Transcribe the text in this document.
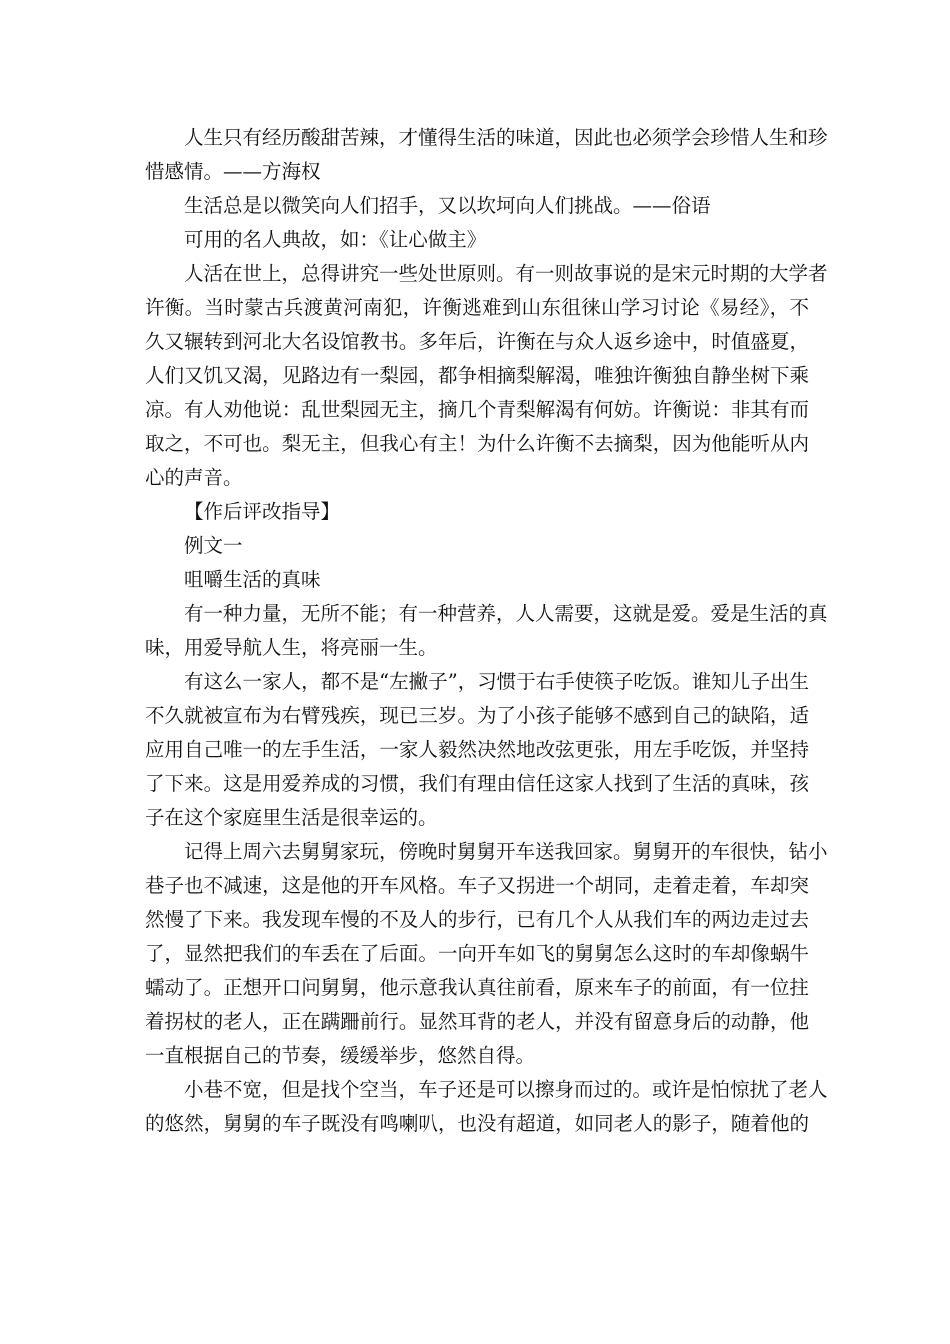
人生只有经历酸甜苦辣，才懂得生活的味道，因此也必须学会珍惜人生和珍
惜感情。——方海权
生活总是以微笑向人们招手，又以坎坷向人们挑战。——俗语
可用的名人典故，如：《让心做主》
人活在世上，总得讲究一些处世原则。有一则故事说的是宋元时期的大学者
许衡。当时蒙古兵渡黄河南犯，许衡逃难到山东徂徕山学习讨论《易经》，不
久又辗转到河北大名设馆教书。多年后，许衡在与众人返乡途中，时值盛夏，
人们又饥又渴，见路边有一梨园，都争相摘梨解渴，唯独许衡独自静坐树下乘
凉。有人劝他说：乱世梨园无主，摘几个青梨解渴有何妨。许衡说：非其有而
取之，不可也。梨无主，但我心有主！为什么许衡不去摘梨，因为他能听从内
心的声音。
【作后评改指导】
例文一
咀嚼生活的真味
有一种力量，无所不能；有一种营养，人人需要，这就是爱。爱是生活的真
味，用爱导航人生，将亮丽一生。
有这么一家人，都不是“左撇子”，习惯于右手使筷子吃饭。谁知儿子出生
不久就被宣布为右臂残疾，现已三岁。为了小孩子能够不感到自己的缺陷，适
应用自己唯一的左手生活，一家人毅然决然地改弦更张，用左手吃饭，并坚持
了下来。这是用爱养成的习惯，我们有理由信任这家人找到了生活的真味，孩
子在这个家庭里生活是很幸运的。
记得上周六去舅舅家玩，傍晚时舅舅开车送我回家。舅舅开的车很快，钻小
巷子也不减速，这是他的开车风格。车子又拐进一个胡同，走着走着，车却突
然慢了下来。我发现车慢的不及人的步行，已有几个人从我们车的两边走过去
了，显然把我们的车丢在了后面。一向开车如飞的舅舅怎么这时的车却像蜗牛
蠕动了。正想开口问舅舅，他示意我认真往前看，原来车子的前面，有一位拄
着拐杖的老人，正在蹒跚前行。显然耳背的老人，并没有留意身后的动静，他
一直根据自己的节奏，缓缓举步，悠然自得。
小巷不宽，但是找个空当，车子还是可以擦身而过的。或许是怕惊扰了老人
的悠然，舅舅的车子既没有鸣喇叭，也没有超道，如同老人的影子，随着他的
